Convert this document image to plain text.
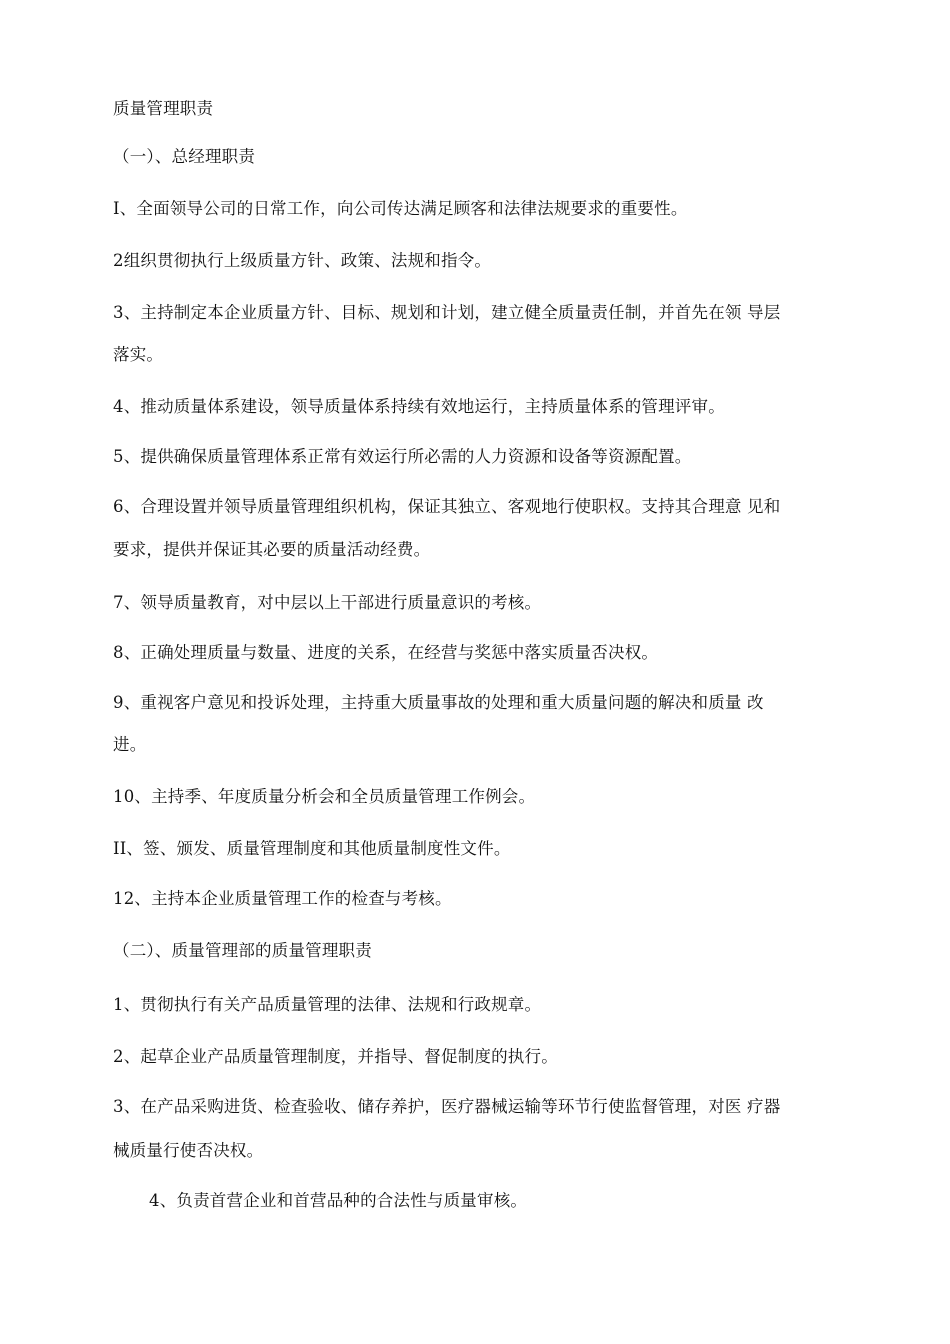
质量管理职责
（一）、总经理职责
I、全面领导公司的日常工作，向公司传达满足顾客和法律法规要求的重要性。
2组织贯彻执行上级质量方针、政策、法规和指令。
3、主持制定本企业质量方针、目标、规划和计划，建立健全质量责任制，并首先在领 导层
落实。
4、推动质量体系建设，领导质量体系持续有效地运行，主持质量体系的管理评审。
5、提供确保质量管理体系正常有效运行所必需的人力资源和设备等资源配置。
6、合理设置并领导质量管理组织机构，保证其独立、客观地行使职权。支持其合理意 见和
要求，提供并保证其必要的质量活动经费。
7、领导质量教育，对中层以上干部进行质量意识的考核。
8、正确处理质量与数量、进度的关系，在经营与奖惩中落实质量否决权。
9、重视客户意见和投诉处理，主持重大质量事故的处理和重大质量问题的解决和质量 改
进。
10、主持季、年度质量分析会和全员质量管理工作例会。
II、签、颁发、质量管理制度和其他质量制度性文件。
12、主持本企业质量管理工作的检查与考核。
（二）、质量管理部的质量管理职责
1、贯彻执行有关产品质量管理的法律、法规和行政规章。
2、起草企业产品质量管理制度，并指导、督促制度的执行。
3、在产品采购进货、检查验收、储存养护，医疗器械运输等环节行使监督管理，对医 疗器
械质量行使否决权。
4、负责首营企业和首营品种的合法性与质量审核。
